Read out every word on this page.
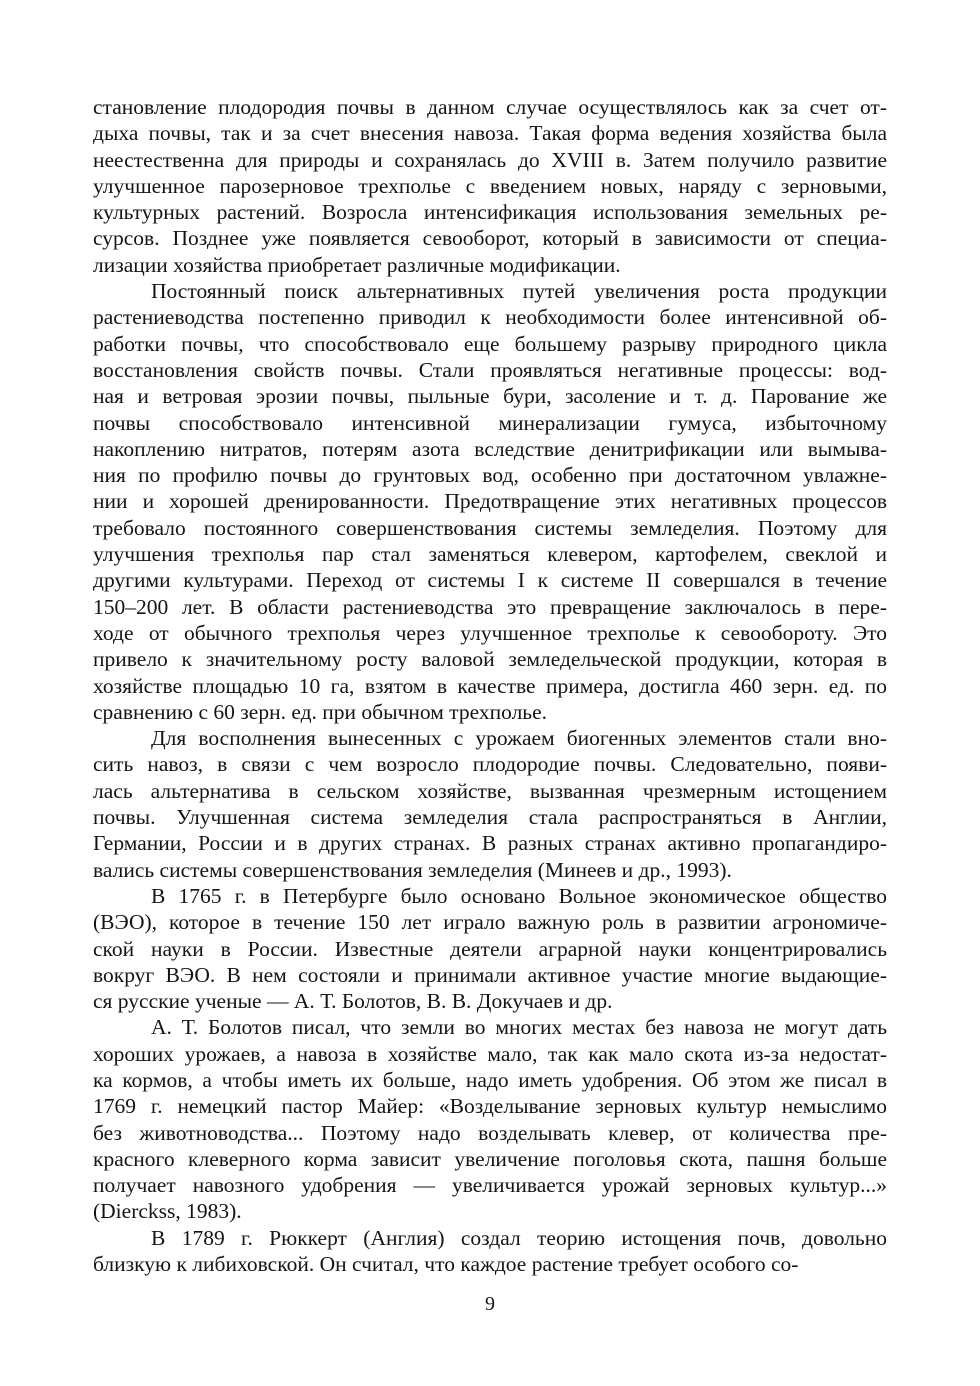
становление плодородия почвы в данном случае осуществлялось как за счет от-
дыха почвы, так и за счет внесения навоза. Такая форма ведения хозяйства была
неестественна для природы и сохранялась до XVIII в. Затем получило развитие
улучшенное парозерновое трехполье с введением новых, наряду с зерновыми,
культурных растений. Возросла интенсификация использования земельных ре-
сурсов. Позднее уже появляется севооборот, который в зависимости от специа-
лизации хозяйства приобретает различные модификации.
Постоянный поиск альтернативных путей увеличения роста продукции
растениеводства постепенно приводил к необходимости более интенсивной об-
работки почвы, что способствовало еще большему разрыву природного цикла
восстановления свойств почвы. Стали проявляться негативные процессы: вод-
ная и ветровая эрозии почвы, пыльные бури, засоление и т. д. Парование же
почвы способствовало интенсивной минерализации гумуса, избыточному
накоплению нитратов, потерям азота вследствие денитрификации или вымыва-
ния по профилю почвы до грунтовых вод, особенно при достаточном увлажне-
нии и хорошей дренированности. Предотвращение этих негативных процессов
требовало постоянного совершенствования системы земледелия. Поэтому для
улучшения трехполья пар стал заменяться клевером, картофелем, свеклой и
другими культурами. Переход от системы I к системе II совершался в течение
150–200 лет. В области растениеводства это превращение заключалось в пере-
ходе от обычного трехполья через улучшенное трехполье к севообороту. Это
привело к значительному росту валовой земледельческой продукции, которая в
хозяйстве площадью 10 га, взятом в качестве примера, достигла 460 зерн. ед. по
сравнению с 60 зерн. ед. при обычном трехполье.
Для восполнения вынесенных с урожаем биогенных элементов стали вно-
сить навоз, в связи с чем возросло плодородие почвы. Следовательно, появи-
лась альтернатива в сельском хозяйстве, вызванная чрезмерным истощением
почвы. Улучшенная система земледелия стала распространяться в Англии,
Германии, России и в других странах. В разных странах активно пропагандиро-
вались системы совершенствования земледелия (Минеев и др., 1993).
В 1765 г. в Петербурге было основано Вольное экономическое общество
(ВЭО), которое в течение 150 лет играло важную роль в развитии агрономиче-
ской науки в России. Известные деятели аграрной науки концентрировались
вокруг ВЭО. В нем состояли и принимали активное участие многие выдающие-
ся русские ученые — А. Т. Болотов, В. В. Докучаев и др.
А. Т. Болотов писал, что земли во многих местах без навоза не могут дать
хороших урожаев, а навоза в хозяйстве мало, так как мало скота из-за недостат-
ка кормов, а чтобы иметь их больше, надо иметь удобрения. Об этом же писал в
1769 г. немецкий пастор Майер: «Возделывание зерновых культур немыслимо
без животноводства... Поэтому надо возделывать клевер, от количества пре-
красного клеверного корма зависит увеличение поголовья скота, пашня больше
получает навозного удобрения — увеличивается урожай зерновых культур...»
(Dierckss, 1983).
В 1789 г. Рюккерт (Англия) создал теорию истощения почв, довольно
близкую к либиховской. Он считал, что каждое растение требует особого со-
9
